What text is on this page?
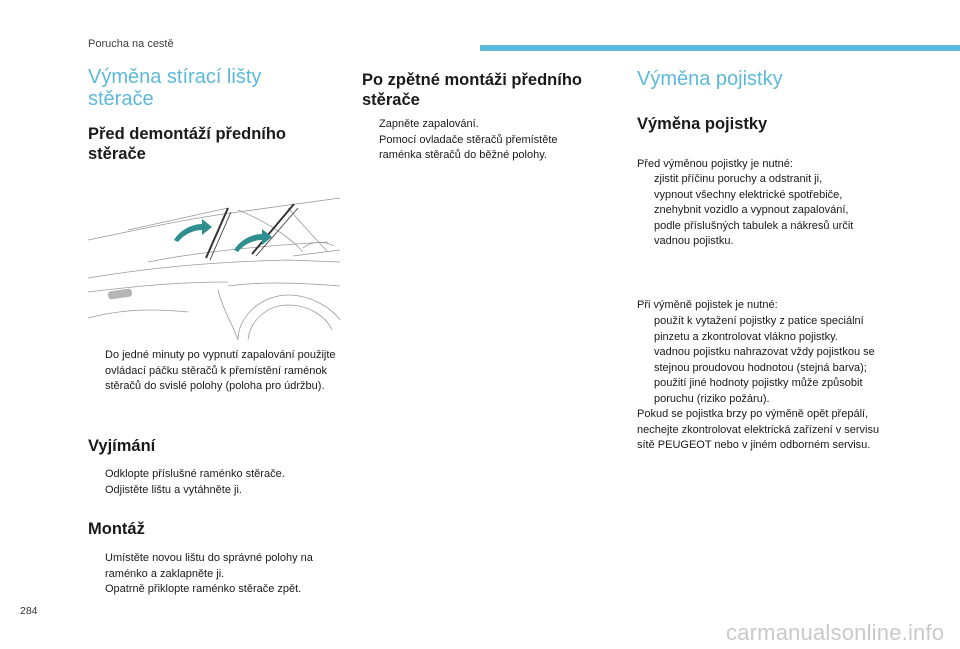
Porucha na cestě
Výměna stírací lišty stěrače
Před demontáží předního stěrače
Do jedné minuty po vypnutí zapalování použijte ovládací páčku stěračů k přemístění raménok stěračů do svislé polohy (poloha pro údržbu).
Vyjímání
Odklopte příslušné raménko stěrače.
Odjistěte lištu a vytáhněte ji.
Montáž
Umístěte novou lištu do správné polohy na raménko a zaklapněte ji.
Opatrně přiklopte raménko stěrače zpět.
Po zpětné montáži předního stěrače
Zapněte zapalování.
Pomocí ovladače stěračů přemístěte raménka stěračů do běžné polohy.
Výměna pojistky
Výměna pojistky
Před výměnou pojistky je nutné:
zjistit příčinu poruchy a odstranit ji,
vypnout všechny elektrické spotřebiče,
znehybnit vozidlo a vypnout zapalování,
podle příslušných tabulek a nákresů určit vadnou pojistku.
Při výměně pojistek je nutné:
použít k vytažení pojistky z patice speciální pinzetu a zkontrolovat vlákno pojistky.
vadnou pojistku nahrazovat vždy pojistkou se stejnou proudovou hodnotou (stejná barva); použití jiné hodnoty pojistky může způsobit poruchu (riziko požáru).
Pokud se pojistka brzy po výměně opět přepálí, nechejte zkontrolovat elektrická zařízení v servisu sítě PEUGEOT nebo v jiném odborném servisu.
284
carmanualsonline.info
